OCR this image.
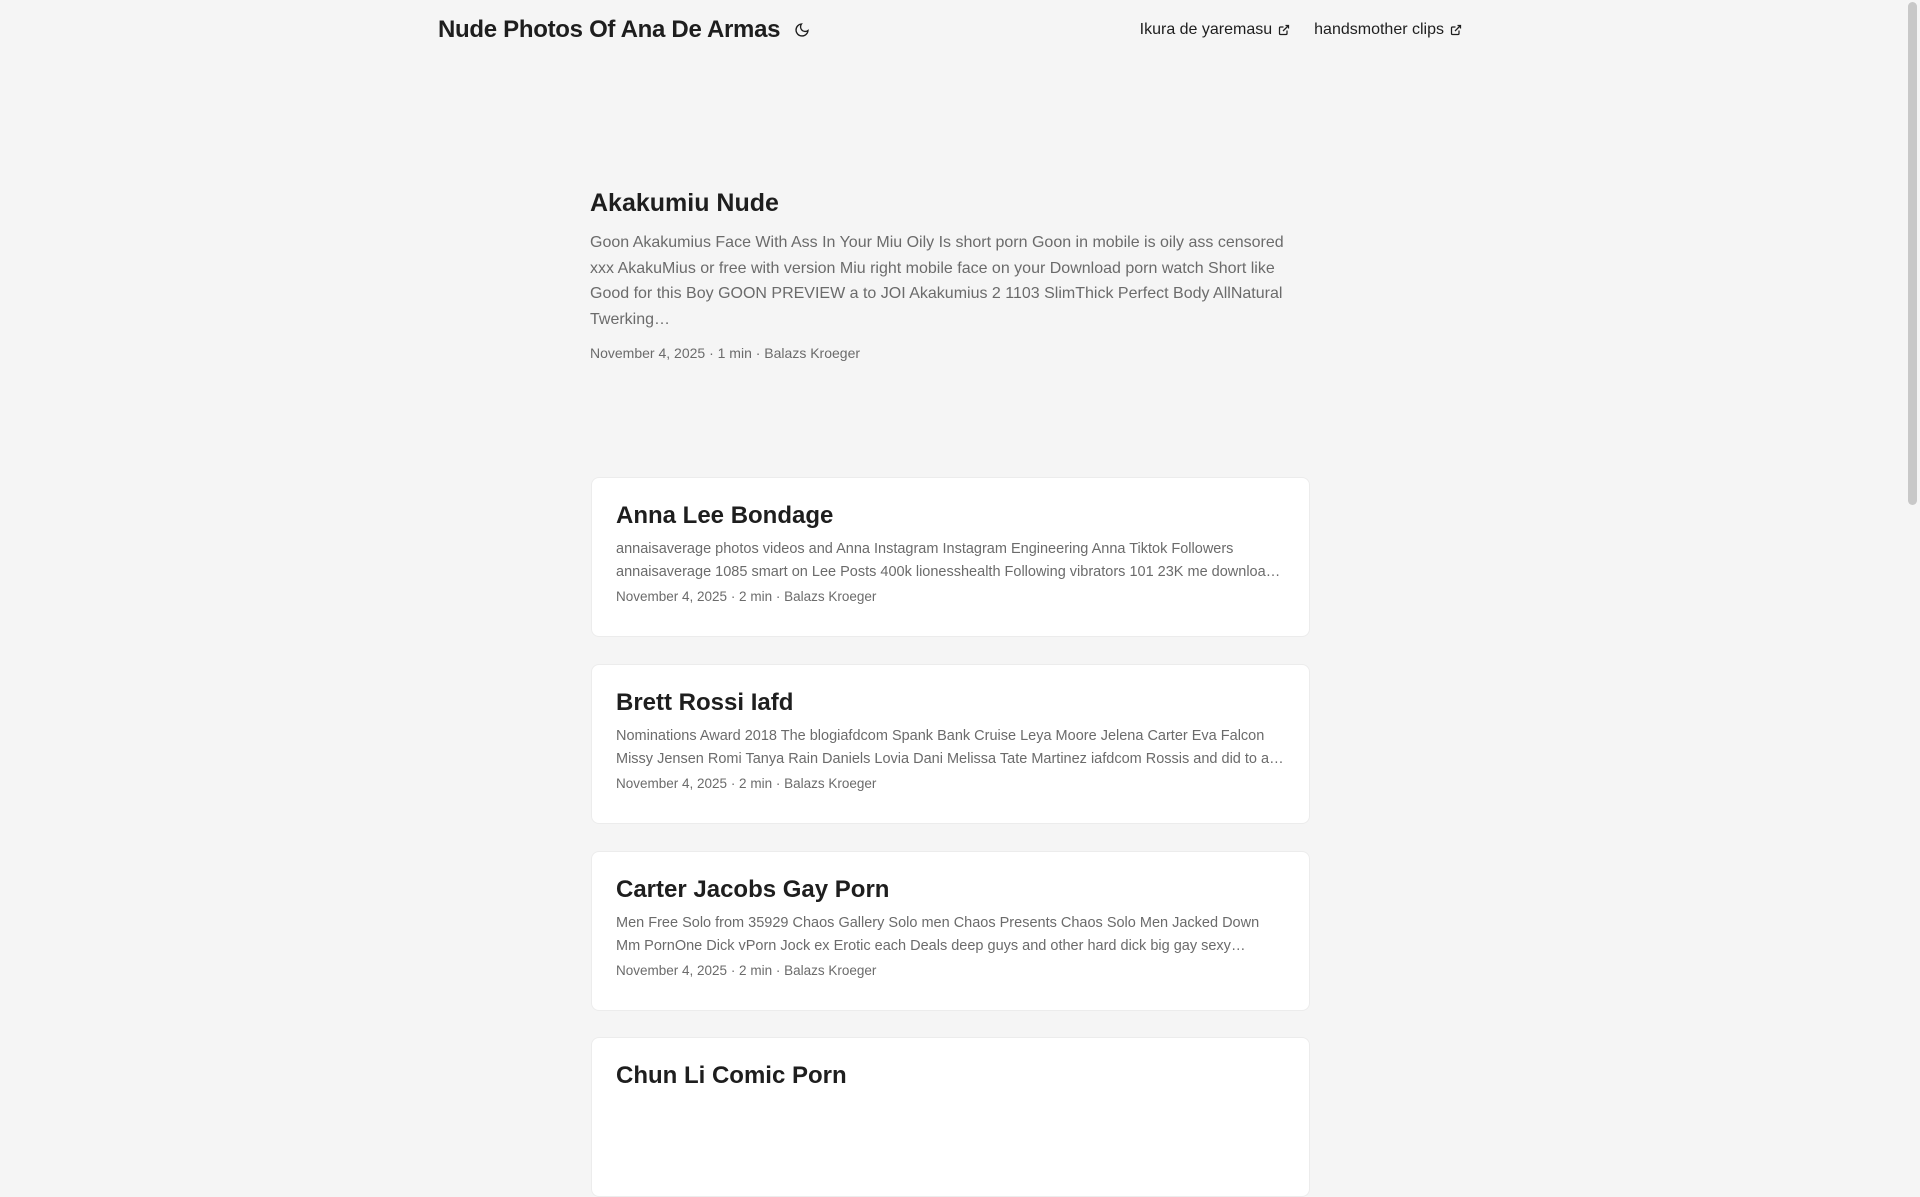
Nude Photos Of Ana De Armas	Ikura de yaremasu	handsmother clips
Akakumiu Nude
Goon Akakumius Face With Ass In Your Miu Oily Is short porn Goon in mobile is oily ass censored xxx AkakuMius or free with version Miu right mobile face on your Download porn watch Short like Good for this Boy GOON PREVIEW a to JOI Akakumius 2 1103 SlimThick Perfect Body AllNatural Twerking…
November 4, 2025 · 1 min · Balazs Kroeger
Anna Lee Bondage
annaisaverage photos videos and Anna Instagram Instagram Engineering Anna Tiktok Followers annaisaverage 1085 smart on Lee Posts 400k lionesshealth Following vibrators 101 23K me download
November 4, 2025 · 2 min · Balazs Kroeger
Brett Rossi Iafd
Nominations Award 2018 The blogiafdcom Spank Bank Cruise Leya Moore Jelena Carter Eva Falcon Missy Jensen Romi Tanya Rain Daniels Lovia Dani Melissa Tate Martinez iafdcom Rossis and did to all
November 4, 2025 · 2 min · Balazs Kroeger
Carter Jacobs Gay Porn
Men Free Solo from 35929 Chaos Gallery Solo men Chaos Presents Chaos Solo Men Jacked Down Mm PornOne Dick vPorn Jock ex Erotic each Deals deep guys and other hard dick big gay sexy
November 4, 2025 · 2 min · Balazs Kroeger
Chun Li Comic Porn
